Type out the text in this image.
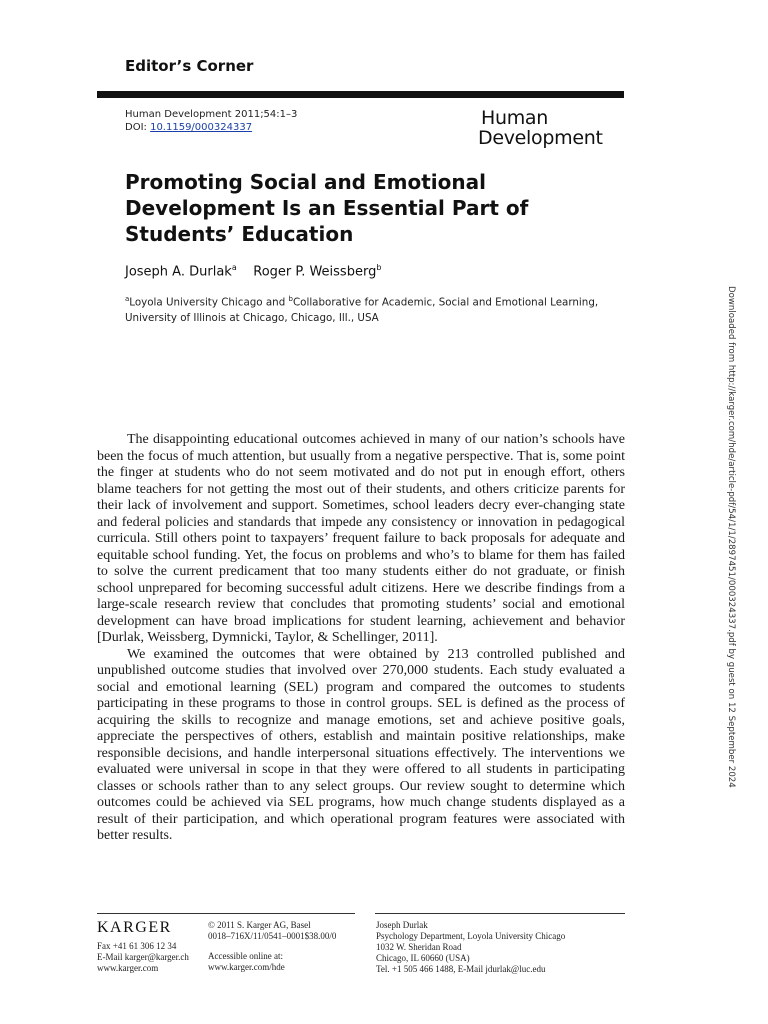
Editor’s Corner
Human Development 2011;54:1–3
DOI: 10.1159/000324337	Human
Development
Promoting Social and Emotional
Development Is an Essential Part of
Students’ Education
Joseph A. Durlak$^a$ Roger P. Weissberg$^b$
$^a$Loyola University Chicago and $^b$Collaborative for Academic, Social and Emotional Learning, University of Illinois at Chicago, Chicago, Ill., USA

The disappointing educational outcomes achieved in many of our nation’s schools have been the focus of much attention, but usually from a negative perspective. That is, some point the finger at students who do not seem motivated and do not put in enough effort, others blame teachers for not getting the most out of their students, and others criticize parents for their lack of involvement and support. Sometimes, school leaders decry ever-changing state and federal policies and standards that impede any consistency or innovation in pedagogical curricula. Still others point to taxpayers’ frequent failure to back proposals for adequate and equitable school funding. Yet, the focus on problems and who’s to blame for them has failed to solve the current predicament that too many students either do not graduate, or finish school unprepared for becoming successful adult citizens. Here we describe findings from a large-scale research review that concludes that promoting students’ social and emotional development can have broad implications for student learning, achievement and behavior [Durlak, Weissberg, Dymnicki, Taylor, & Schellinger, 2011].

We examined the outcomes that were obtained by 213 controlled published and unpublished outcome studies that involved over 270,000 students. Each study evaluated a social and emotional learning (SEL) program and compared the outcomes to students participating in these programs to those in control groups. SEL is defined as the process of acquiring the skills to recognize and manage emotions, set and achieve positive goals, appreciate the perspectives of others, establish and maintain positive relationships, make responsible decisions, and handle interpersonal situations effectively. The interventions we evaluated were universal in scope in that they were offered to all students in participating classes or schools rather than to any select groups. Our review sought to determine which outcomes could be achieved via SEL programs, how much change students displayed as a result of their participation, and which operational program features were associated with better results.

KARGER
Fax +41 61 306 12 34
E-Mail karger@karger.ch
www.karger.com
© 2011 S. Karger AG, Basel
0018–716X/11/0541–0001$38.00/0
Accessible online at:
www.karger.com/hde
Joseph Durlak
Psychology Department, Loyola University Chicago
1032 W. Sheridan Road
Chicago, IL 60660 (USA)
Tel. +1 505 466 1488, E-Mail jdurlak@luc.edu
Downloaded from http://karger.com/hde/article-pdf/54/1/1/2897451/000324337.pdf by guest on 12 September 2024
